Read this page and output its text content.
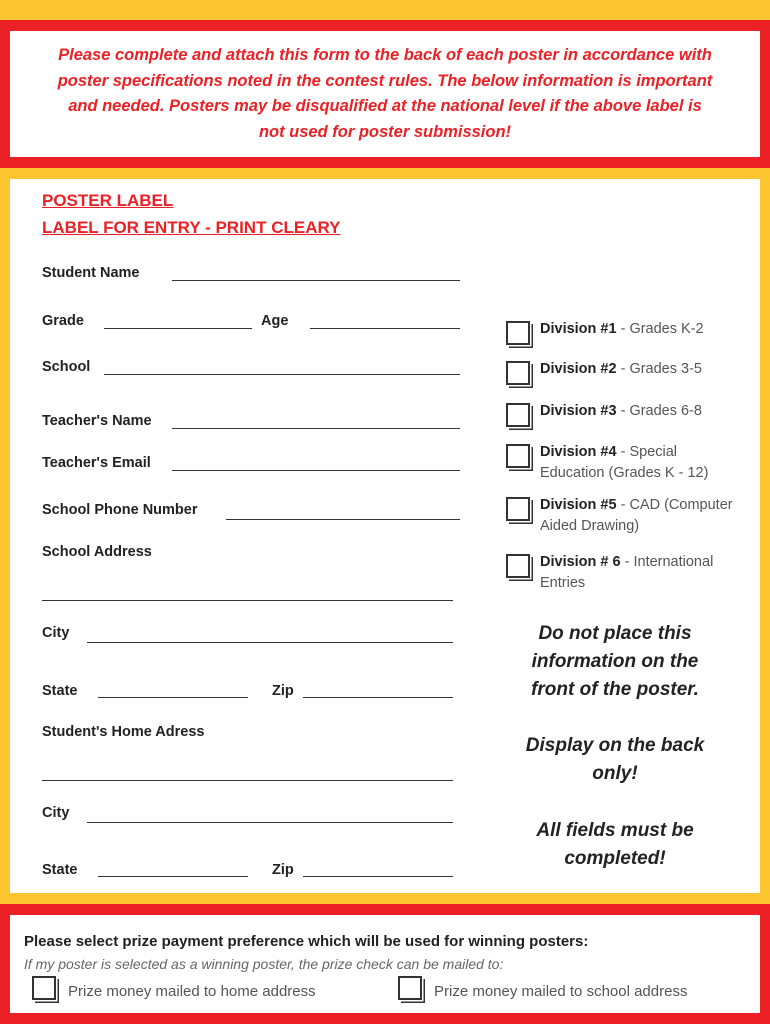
Please complete and attach this form to the back of each poster in accordance with poster specifications noted in the contest rules. The below information is important and needed. Posters may be disqualified at the national level if the above label is not used for poster submission!

POSTER LABEL
LABEL FOR ENTRY - PRINT CLEARY
Student Name
Grade	Age
School
Teacher's Name
Teacher's Email
School Phone Number
School Address
City
State	Zip
Student's Home Adress
City
State	Zip
Division #1 - Grades K-2
Division #2 - Grades 3-5
Division #3 - Grades 6-8
Division #4 - Special Education (Grades K - 12)
Division #5 - CAD (Computer Aided Drawing)
Division # 6 - International Entries
Do not place this information on the front of the poster.
Display on the back only!
All fields must be completed!
Please select prize payment preference which will be used for winning posters:
If my poster is selected as a winning poster, the prize check can be mailed to:
Prize money mailed to home address	Prize money mailed to school address
